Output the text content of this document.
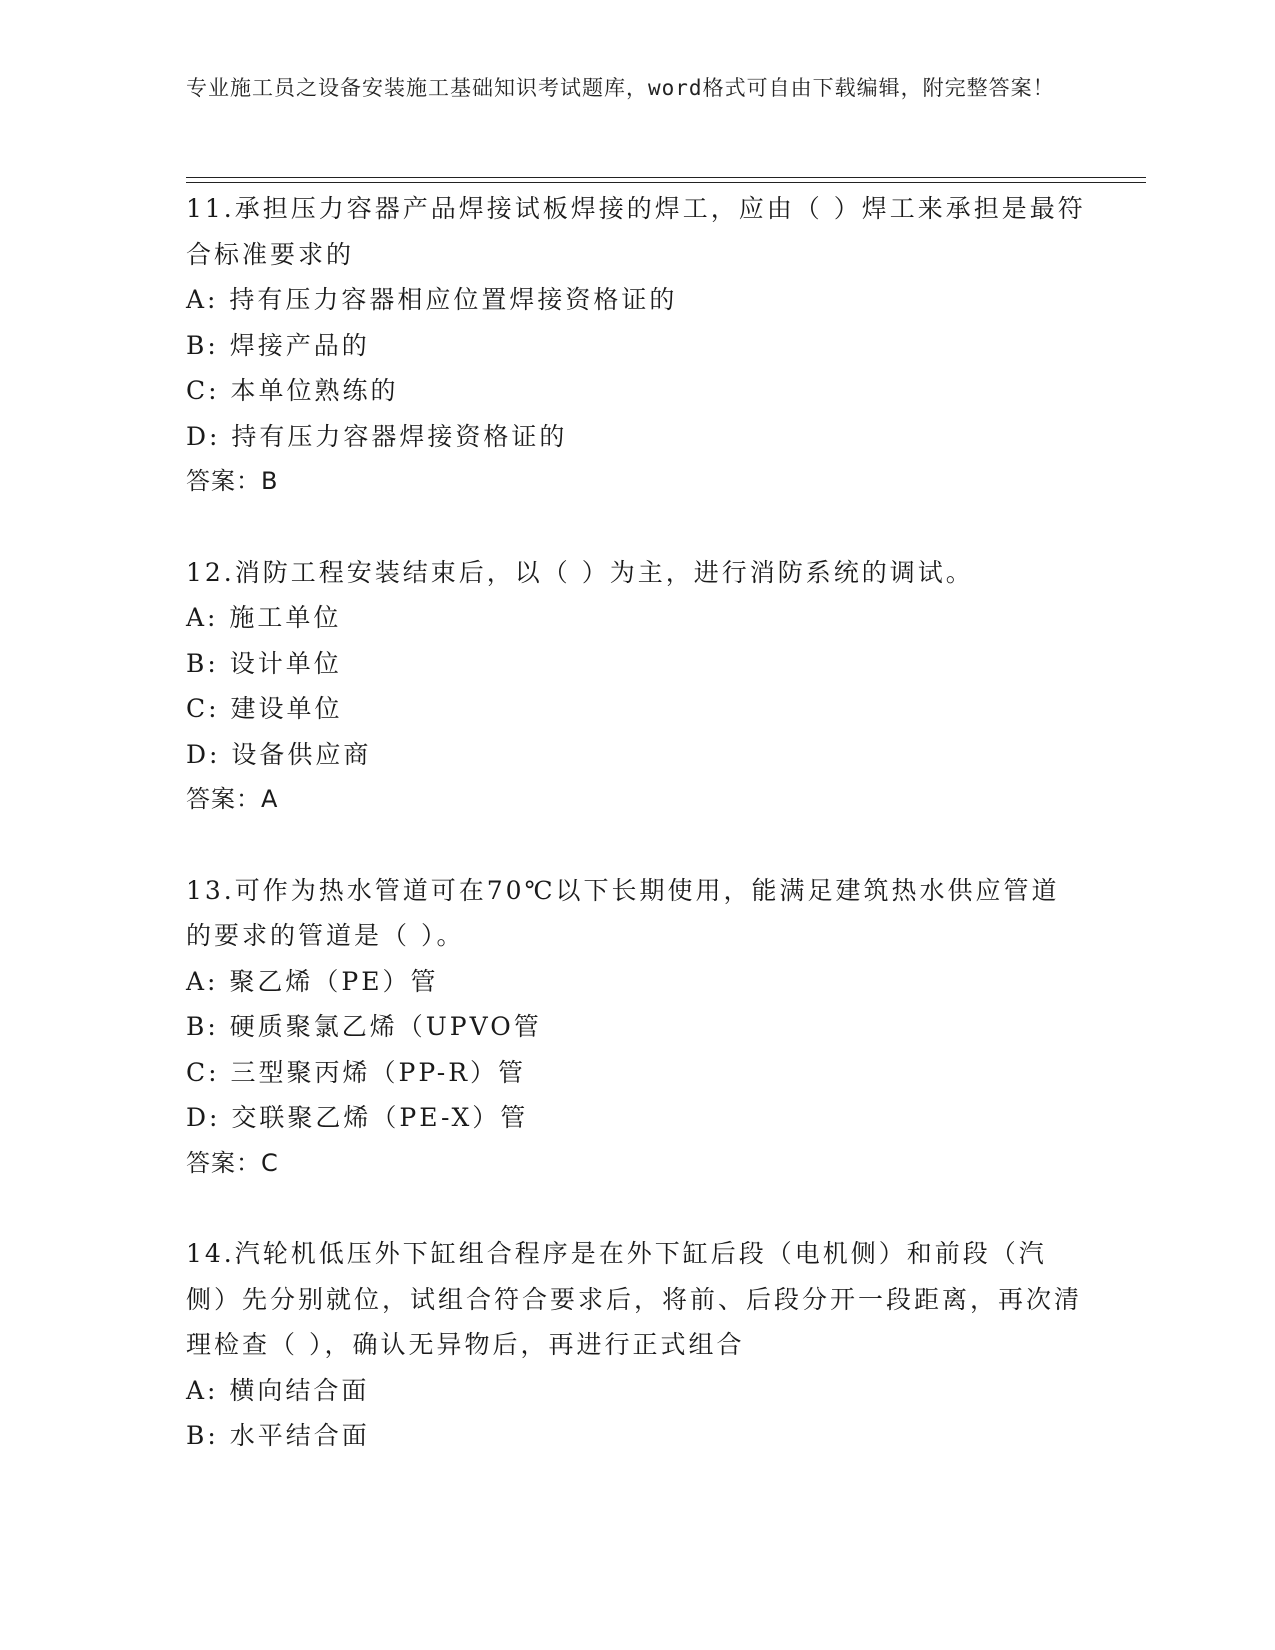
专业施工员之设备安装施工基础知识考试题库，word格式可自由下载编辑，附完整答案！
11.承担压力容器产品焊接试板焊接的焊工，应由（ ）焊工来承担是最符合标准要求的
A: 持有压力容器相应位置焊接资格证的
B: 焊接产品的
C: 本单位熟练的
D: 持有压力容器焊接资格证的
答案：B
12.消防工程安装结束后，以（ ）为主，进行消防系统的调试。
A: 施工单位
B: 设计单位
C: 建设单位
D: 设备供应商
答案：A
13.可作为热水管道可在70℃以下长期使用，能满足建筑热水供应管道的要求的管道是（ ）。
A: 聚乙烯（PE）管
B: 硬质聚氯乙烯（UPVO管
C: 三型聚丙烯（PP-R）管
D: 交联聚乙烯（PE-X）管
答案：C
14.汽轮机低压外下缸组合程序是在外下缸后段（电机侧）和前段（汽侧）先分别就位，试组合符合要求后，将前、后段分开一段距离，再次清理检查（ ），确认无异物后，再进行正式组合
A: 横向结合面
B: 水平结合面
